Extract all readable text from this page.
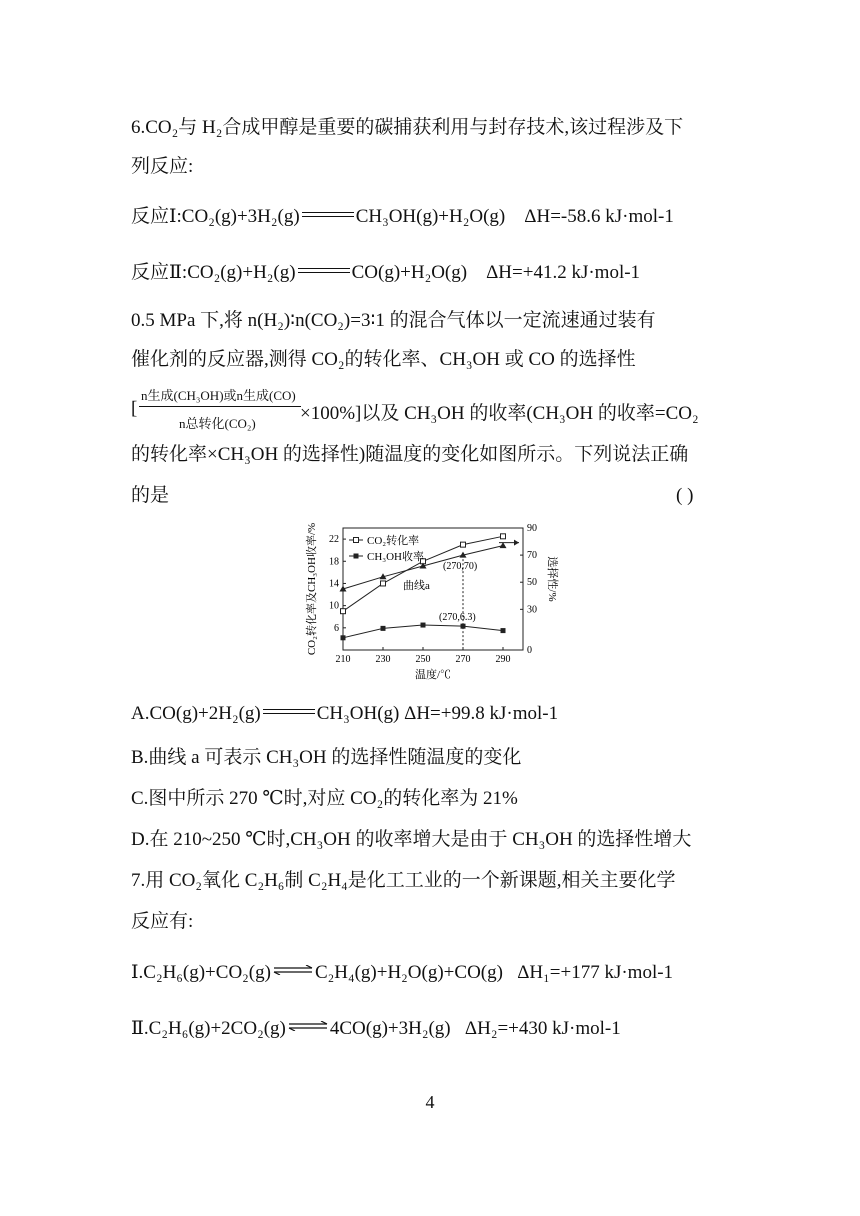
6.CO₂与 H₂合成甲醇是重要的碳捕获利用与封存技术,该过程涉及下
列反应:
反应Ⅰ:CO₂(g)+3H₂(g)	CH₃OH(g)+H₂O(g) ΔH=-58.6 kJ·mol-1
反应Ⅱ:CO₂(g)+H₂(g)	CO(g)+H₂O(g) ΔH=+41.2 kJ·mol-1
0.5 MPa 下,将 n(H₂)∶n(CO₂)=3∶1 的混合气体以一定流速通过装有
催化剂的反应器,测得 CO₂的转化率、CH₃OH 或 CO 的选择性
n生成(CH₃OH)或n生成(CO)
n总转化(CO₂)
[	×100%]以及 CH₃OH 的收率(CH₃OH 的收率=CO₂
的转化率×CH₃OH 的选择性)随温度的变化如图所示。下列说法正确
的是	( )
210	230	250	270	290
6
10
14
18
22
0
30
50
70
90
温度/℃
CO₂转化率及CH₃OH收率/%	选择性/%
CO₂转化率
CH₃OH收率
(270,70)
(270,6.3)
曲线a
A.CO(g)+2H₂(g)	CH₃OH(g) ΔH=+99.8 kJ·mol-1
B.曲线 a 可表示 CH₃OH 的选择性随温度的变化
C.图中所示 270 ℃时,对应 CO₂的转化率为 21%
D.在 210~250 ℃时,CH₃OH 的收率增大是由于 CH₃OH 的选择性增大
7.用 CO₂氧化 C₂H₆制 C₂H₄是化工工业的一个新课题,相关主要化学
反应有:
Ⅰ.C₂H₆(g)+CO₂(g) ⇌ C₂H₄(g)+H₂O(g)+CO(g) ΔH₁=+177 kJ·mol-1
Ⅱ.C₂H₆(g)+2CO₂(g) ⇌ 4CO(g)+3H₂(g) ΔH₂=+430 kJ·mol-1
4
